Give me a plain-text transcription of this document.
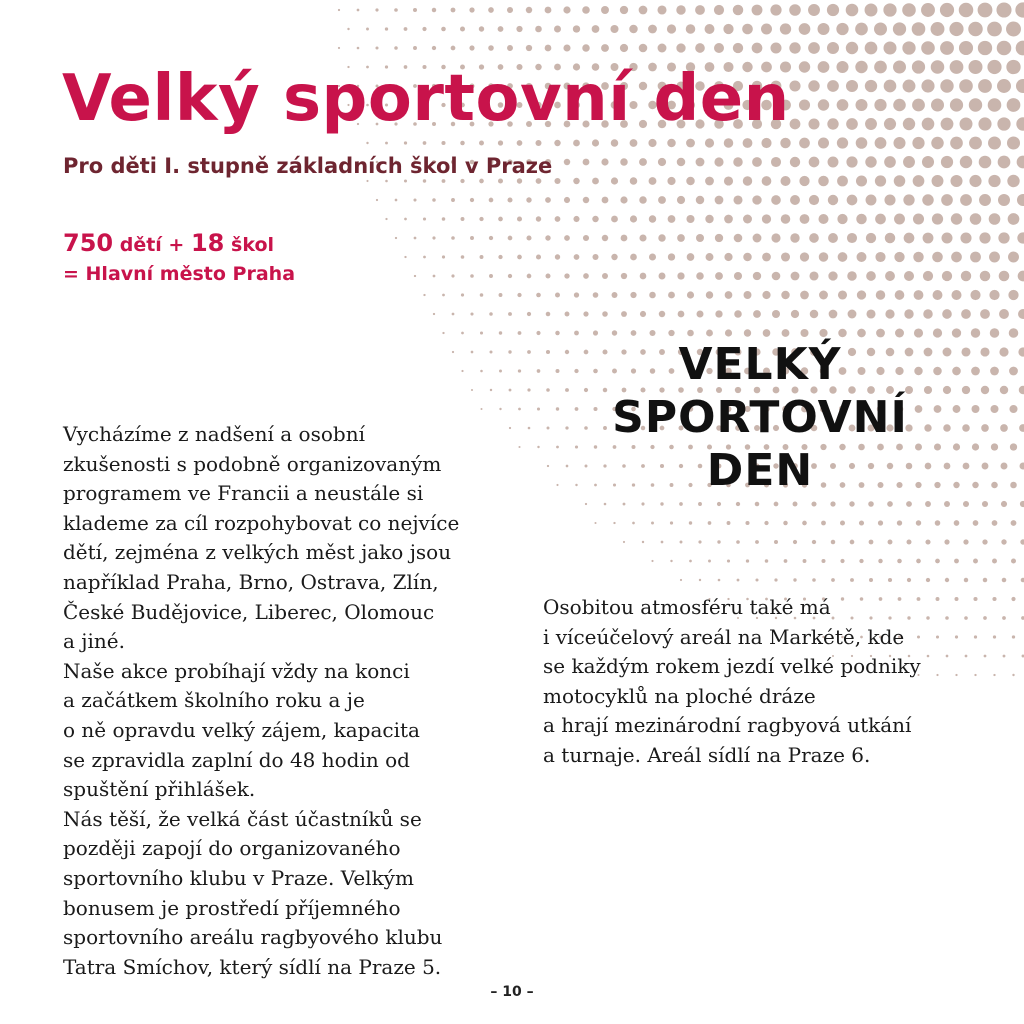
Velký sportovní den
Pro děti I. stupně základních škol v Praze
750 dětí + 18 škol
= Hlavní město Praha
VELKÝ
SPORTOVNÍ
DEN

Vycházíme z nadšení a osobní
zkušenosti s podobně organizovaným
programem ve Francii a neustále si
klademe za cíl rozpohybovat co nejvíce
dětí, zejména z velkých měst jako jsou
například Praha, Brno, Ostrava, Zlín,
České Budějovice, Liberec, Olomouc
a jiné.
Naše akce probíhají vždy na konci
a začátkem školního roku a je
o ně opravdu velký zájem, kapacita
se zpravidla zaplní do 48 hodin od
spuštění přihlášek.
Nás těší, že velká část účastníků se
později zapojí do organizovaného
sportovního klubu v Praze. Velkým
bonusem je prostředí příjemného
sportovního areálu ragbyového klubu
Tatra Smíchov, který sídlí na Praze 5.

Osobitou atmosféru také má
i víceúčelový areál na Markétě, kde
se každým rokem jezdí velké podniky
motocyklů na ploché dráze
a hrají mezinárodní ragbyová utkání
a turnaje. Areál sídlí na Praze 6.

– 10 –
